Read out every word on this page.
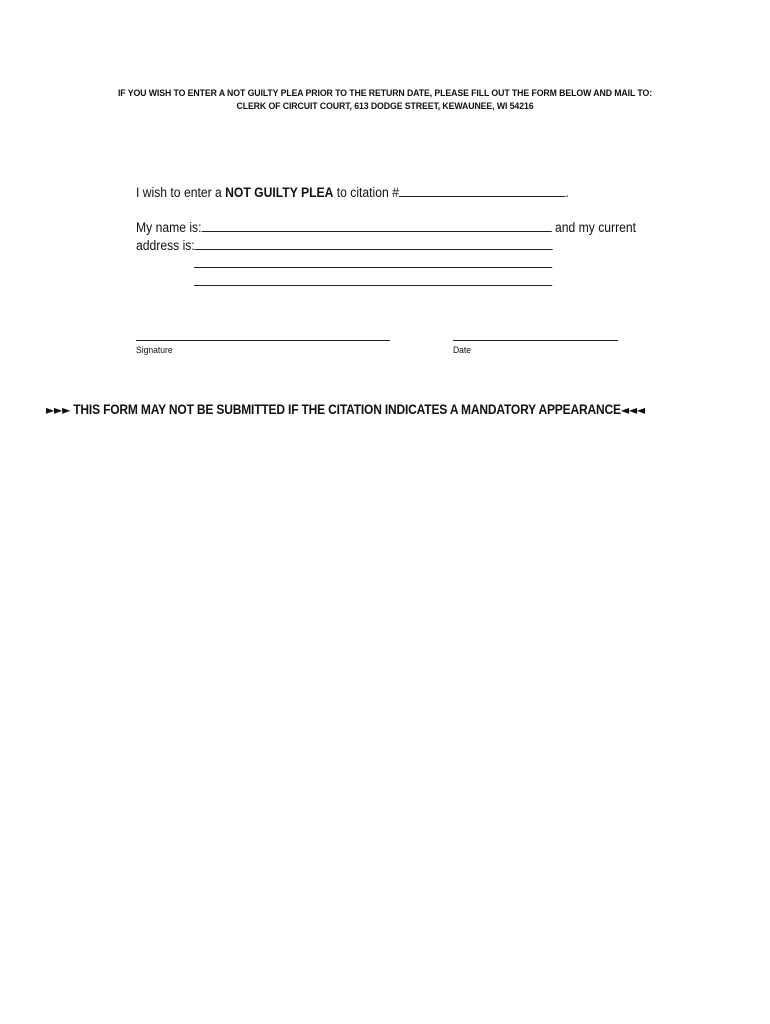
IF YOU WISH TO ENTER A NOT GUILTY PLEA PRIOR TO THE RETURN DATE, PLEASE FILL OUT THE FORM BELOW AND MAIL TO:
CLERK OF CIRCUIT COURT, 613 DODGE STREET, KEWAUNEE, WI 54216
I wish to enter a NOT GUILTY PLEA to citation #	.
My name is:	and my current
address is:
Signature	Date
►►► THIS FORM MAY NOT BE SUBMITTED IF THE CITATION INDICATES A MANDATORY APPEARANCE◄◄◄
